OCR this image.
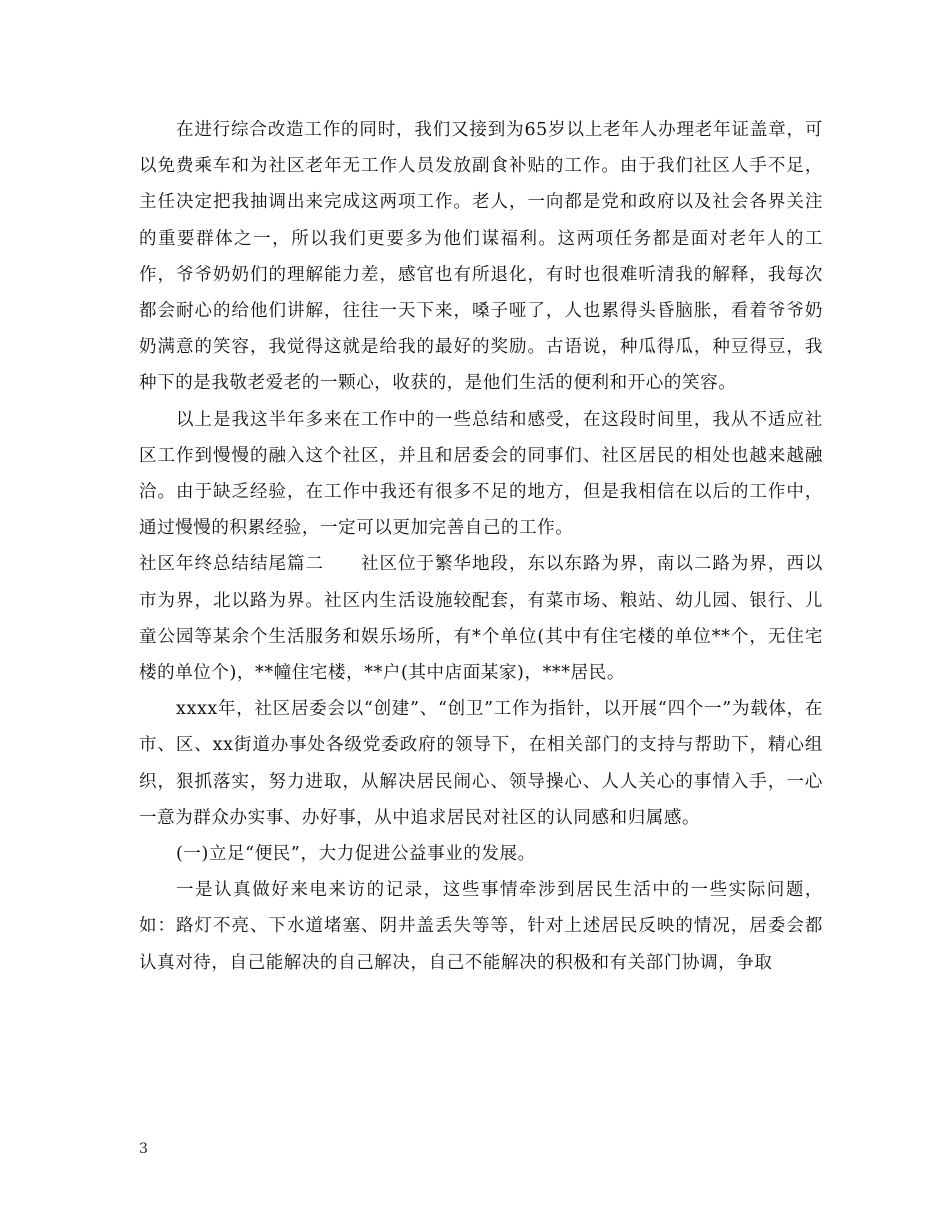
在进行综合改造工作的同时，我们又接到为65岁以上老年人办理老年证盖章，可以免费乘车和为社区老年无工作人员发放副食补贴的工作。由于我们社区人手不足，主任决定把我抽调出来完成这两项工作。老人，一向都是党和政府以及社会各界关注的重要群体之一，所以我们更要多为他们谋福利。这两项任务都是面对老年人的工作，爷爷奶奶们的理解能力差，感官也有所退化，有时也很难听清我的解释，我每次都会耐心的给他们讲解，往往一天下来，嗓子哑了，人也累得头昏脑胀，看着爷爷奶奶满意的笑容，我觉得这就是给我的最好的奖励。古语说，种瓜得瓜，种豆得豆，我种下的是我敬老爱老的一颗心，收获的，是他们生活的便利和开心的笑容。

以上是我这半年多来在工作中的一些总结和感受，在这段时间里，我从不适应社区工作到慢慢的融入这个社区，并且和居委会的同事们、社区居民的相处也越来越融洽。由于缺乏经验，在工作中我还有很多不足的地方，但是我相信在以后的工作中，通过慢慢的积累经验，一定可以更加完善自己的工作。

社区年终总结结尾篇二　　社区位于繁华地段，东以东路为界，南以二路为界，西以市为界，北以路为界。社区内生活设施较配套，有菜市场、粮站、幼儿园、银行、儿童公园等某余个生活服务和娱乐场所，有*个单位(其中有住宅楼的单位**个，无住宅楼的单位个)，**幢住宅楼，**户(其中店面某家)，***居民。

xxxx年，社区居委会以“创建”、“创卫”工作为指针，以开展“四个一”为载体，在市、区、xx街道办事处各级党委政府的领导下，在相关部门的支持与帮助下，精心组织，狠抓落实，努力进取，从解决居民闹心、领导操心、人人关心的事情入手，一心一意为群众办实事、办好事，从中追求居民对社区的认同感和归属感。

(一)立足“便民”，大力促进公益事业的发展。

一是认真做好来电来访的记录，这些事情牵涉到居民生活中的一些实际问题，如：路灯不亮、下水道堵塞、阴井盖丢失等等，针对上述居民反映的情况，居委会都认真对待，自己能解决的自己解决，自己不能解决的积极和有关部门协调，争取

3
